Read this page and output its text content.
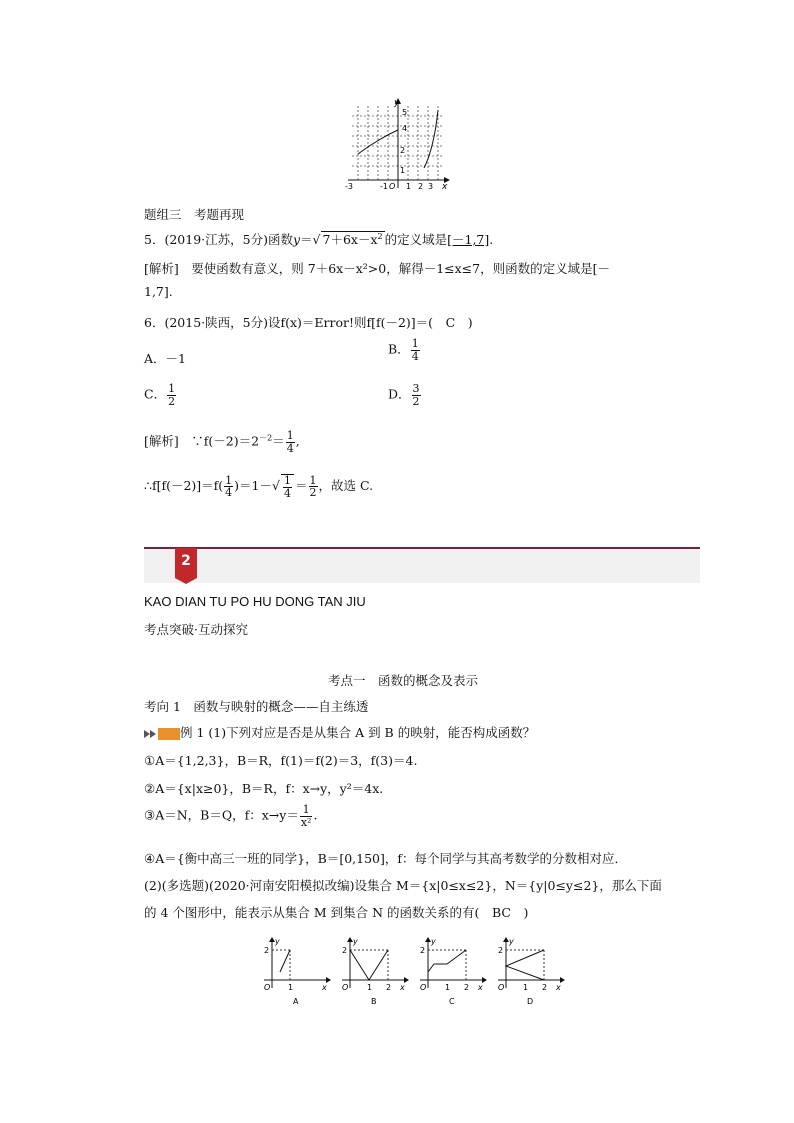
y
x
O
-3	-1 1 2 3
1
2
4
5
题组三　考题再现
5．(2019·江苏，5分)函数y＝√ $7+6x-x^2$ 的定义域是[－1,7].
[解析]　 要使函数有意义，则 7＋6x－x²>0，解得－1≤x≤7，则函数的定义域是[－
1,7].
6．(2015·陕西，5分)设f(x)＝Error!则f[f(－2)]＝(　 C　 )
A．－1
B． $\frac{1}{4}$
C． $\frac{1}{2}$	D． $\frac{3}{2}$
[解析]　 $\because f(-2)=2^{-2}= \frac{1}{4}$ ,
∴f[f(－2)]＝f( $\frac{1}{4} )=1-√ \frac{1}{4} = \frac{1}{2}$ ，故选 C.
2
KAO DIAN TU PO HU DONG TAN JIU
考点突破·互动探究
考点一　函数的概念及表示
考向 1　函数与映射的概念——自主练透
例 1 (1)下列对应是否是从集合 A 到 B 的映射，能否构成函数？
①A＝{1,2,3}，B＝R，f(1)＝f(2)＝3，f(3)＝4.
②A＝{x|x≥0}，B＝R，f：x→y，y²＝4x.
③A＝N，B＝Q，f：$x\to y= \frac{1}{\text{x²}}$ .
④A＝{衡中高三一班的同学}，B＝[0,150]，f：每个同学与其高考数学的分数相对应．
(2)(多选题)(2020·河南安阳模拟改编)设集合 M＝{x|0≤x≤2}，N＝{y|0≤y≤2}，那么下面
的 4 个图形中，能表示从集合 M 到集合 N 的函数关系的有(　 BC　 )
y
x
O
2
1
A
y
x
O
2
1 2
B
y
x
O
2
1 2
C
y
x
O
2
1 2
D
